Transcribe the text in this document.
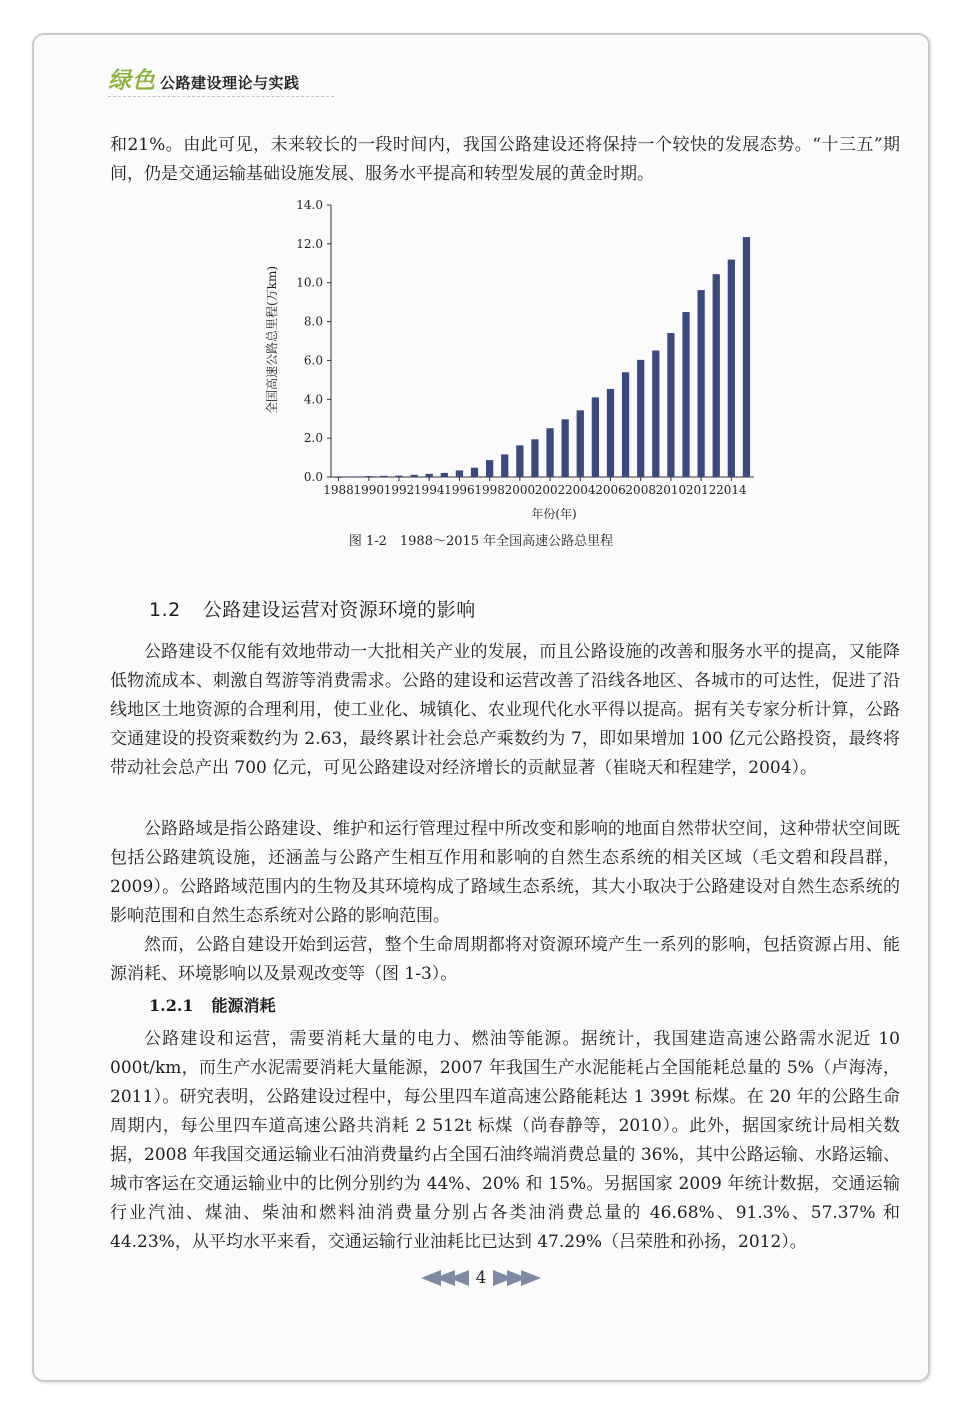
绿色 公路建设理论与实践

和21%。由此可见，未来较长的一段时间内，我国公路建设还将保持一个较快的发展态势。“十三五”期间，仍是交通运输基础设施发展、服务水平提高和转型发展的黄金时期。

0.0
2.0
4.0
6.0
8.0
10.0
12.0
14.0
1988 1990 1992 1994 1996 1998 2000 2002 2004 2006 2008 2010 2012 2014
全国高速公路总里程(万km)
年份(年)
图 1-2　1988～2015 年全国高速公路总里程
1.2 公路建设运营对资源环境的影响

公路建设不仅能有效地带动一大批相关产业的发展，而且公路设施的改善和服务水平的提高，又能降低物流成本、刺激自驾游等消费需求。公路的建设和运营改善了沿线各地区、各城市的可达性，促进了沿线地区土地资源的合理利用，使工业化、城镇化、农业现代化水平得以提高。据有关专家分析计算，公路交通建设的投资乘数约为 2.63，最终累计社会总产乘数约为 7，即如果增加 100 亿元公路投资，最终将带动社会总产出 700 亿元，可见公路建设对经济增长的贡献显著（崔晓天和程建学，2004）。

公路路域是指公路建设、维护和运行管理过程中所改变和影响的地面自然带状空间，这种带状空间既包括公路建筑设施，还涵盖与公路产生相互作用和影响的自然生态系统的相关区域（毛文碧和段昌群，2009）。公路路域范围内的生物及其环境构成了路域生态系统，其大小取决于公路建设对自然生态系统的影响范围和自然生态系统对公路的影响范围。

然而，公路自建设开始到运营，整个生命周期都将对资源环境产生一系列的影响，包括资源占用、能源消耗、环境影响以及景观改变等（图 1-3）。

1.2.1 能源消耗

公路建设和运营，需要消耗大量的电力、燃油等能源。据统计，我国建造高速公路需水泥近 10 000t/km，而生产水泥需要消耗大量能源，2007 年我国生产水泥能耗占全国能耗总量的 5%（卢海涛，2011）。研究表明，公路建设过程中，每公里四车道高速公路能耗达 1 399t 标煤。在 20 年的公路生命周期内，每公里四车道高速公路共消耗 2 512t 标煤（尚春静等，2010）。此外，据国家统计局相关数据，2008 年我国交通运输业石油消费量约占全国石油终端消费总量的 36%，其中公路运输、水路运输、城市客运在交通运输业中的比例分别约为 44%、20% 和 15%。另据国家 2009 年统计数据，交通运输行业汽油、煤油、柴油和燃料油消费量分别占各类油消费总量的 46.68%、91.3%、57.37% 和 44.23%，从平均水平来看，交通运输行业油耗比已达到 47.29%（吕荣胜和孙扬，2012）。

4
